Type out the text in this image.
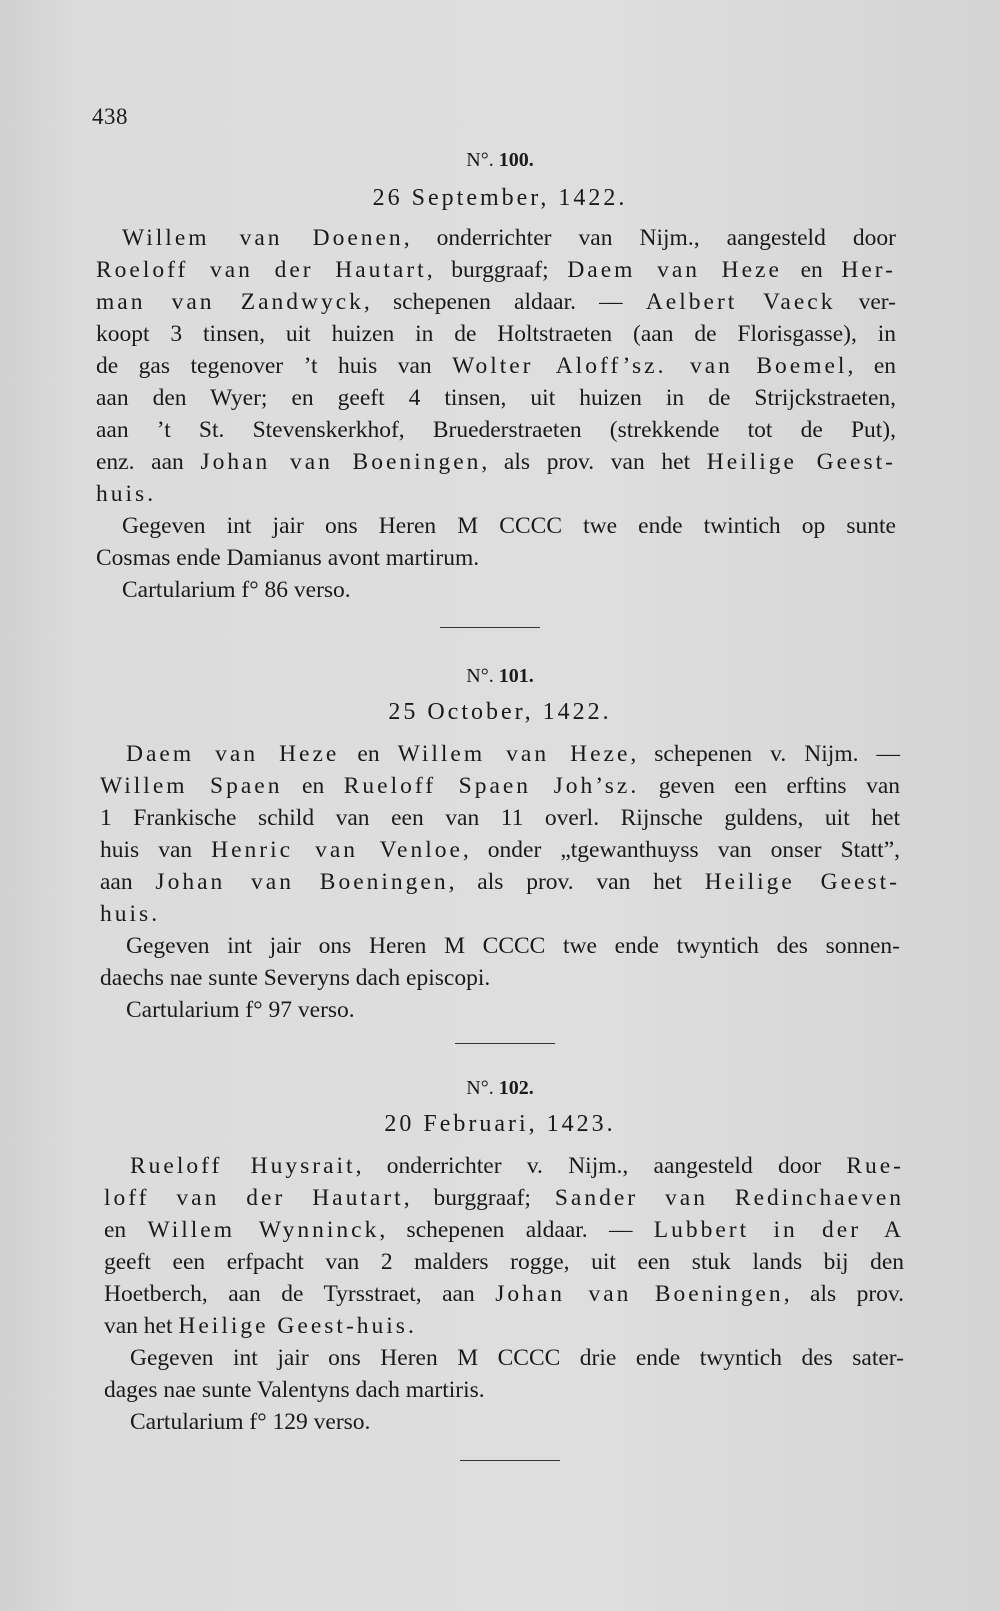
438
N°. 100.
26 September, 1422.
Willem van Doenen, onderrichter van Nijm., aangesteld door
Roeloff van der Hautart, burggraaf; Daem van Heze en Her-
man van Zandwyck, schepenen aldaar. — Aelbert Vaeck ver-
koopt 3 tinsen, uit huizen in de Holtstraeten (aan de Florisgasse), in
de gas tegenover ’t huis van Wolter Aloff’sz. van Boemel, en
aan den Wyer; en geeft 4 tinsen, uit huizen in de Strijckstraeten,
aan ’t St. Stevenskerkhof, Bruederstraeten (strekkende tot de Put),
enz. aan Johan van Boeningen, als prov. van het Heilige Geest-
huis.
Gegeven int jair ons Heren M CCCC twe ende twintich op sunte
Cosmas ende Damianus avont martirum.
Cartularium f° 86 verso.
N°. 101.
25 October, 1422.
Daem van Heze en Willem van Heze, schepenen v. Nijm. —
Willem Spaen en Rueloff Spaen Joh’sz. geven een erftins van
1 Frankische schild van een van 11 overl. Rijnsche guldens, uit het
huis van Henric van Venloe, onder „tgewanthuyss van onser Statt”,
aan Johan van Boeningen, als prov. van het Heilige Geest-
huis.
Gegeven int jair ons Heren M CCCC twe ende twyntich des sonnen-
daechs nae sunte Severyns dach episcopi.
Cartularium f° 97 verso.
N°. 102.
20 Februari, 1423.
Rueloff Huysrait, onderrichter v. Nijm., aangesteld door Rue-
loff van der Hautart, burggraaf; Sander van Redinchaeven
en Willem Wynninck, schepenen aldaar. — Lubbert in der A
geeft een erfpacht van 2 malders rogge, uit een stuk lands bij den
Hoetberch, aan de Tyrsstraet, aan Johan van Boeningen, als prov.
van het Heilige Geest-huis.
Gegeven int jair ons Heren M CCCC drie ende twyntich des sater-
dages nae sunte Valentyns dach martiris.
Cartularium f° 129 verso.
